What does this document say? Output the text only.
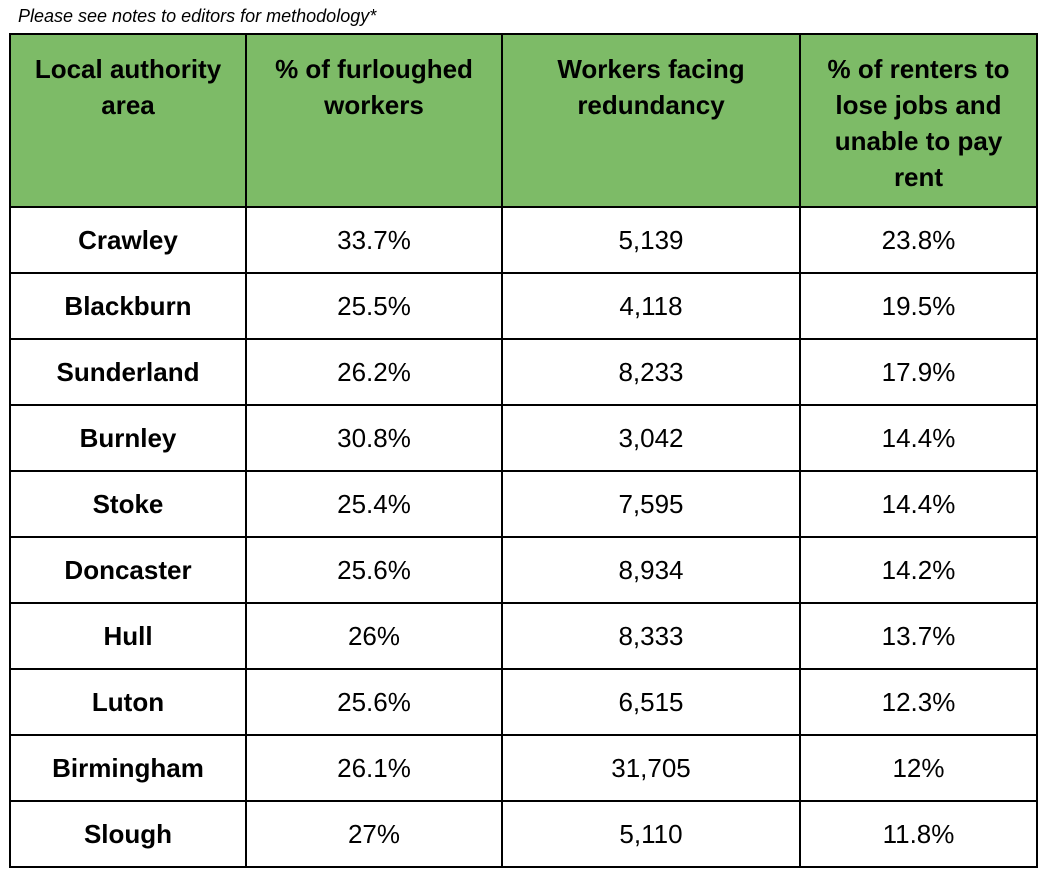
Please see notes to editors for methodology*
Local authority area	% of furloughed workers	Workers facing redundancy	% of renters to lose jobs and unable to pay rent
Crawley	33.7%	5,139	23.8%
Blackburn	25.5%	4,118	19.5%
Sunderland	26.2%	8,233	17.9%
Burnley	30.8%	3,042	14.4%
Stoke	25.4%	7,595	14.4%
Doncaster	25.6%	8,934	14.2%
Hull	26%	8,333	13.7%
Luton	25.6%	6,515	12.3%
Birmingham	26.1%	31,705	12%
Slough	27%	5,110	11.8%
